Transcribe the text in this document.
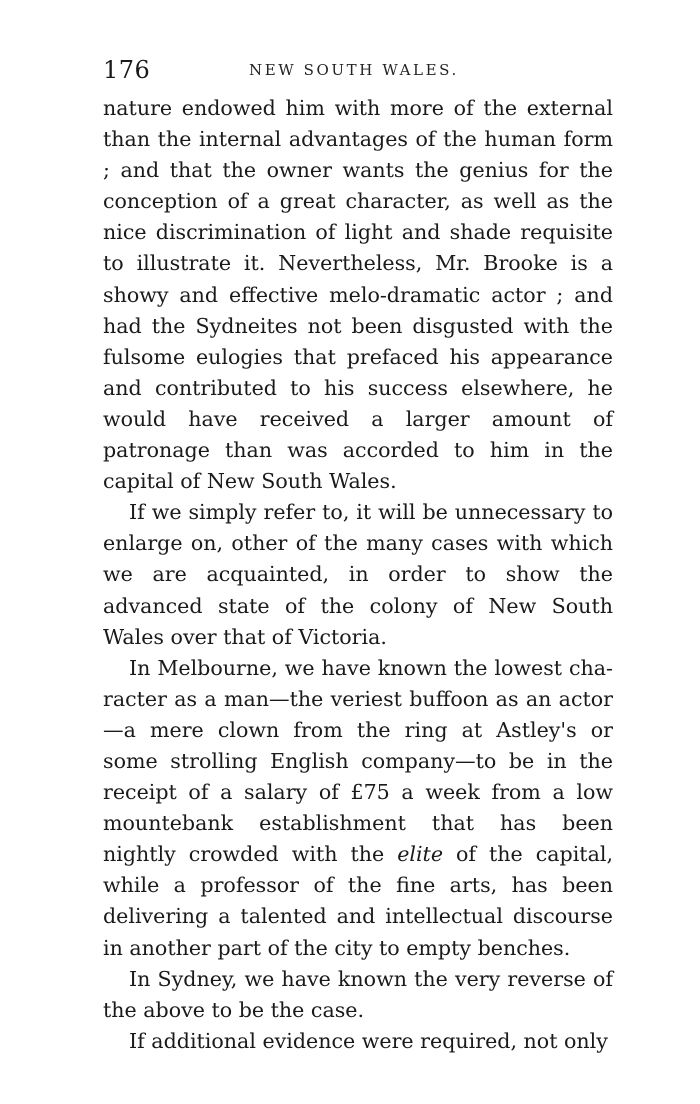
176	NEW SOUTH WALES.

nature endowed him with more of the external than the internal advantages of the human form ; and that the owner wants the genius for the conception of a great character, as well as the nice discrimination of light and shade requisite to illustrate it. Nevertheless, Mr. Brooke is a showy and effective melo-dramatic actor ; and had the Sydneites not been disgusted with the fulsome eulogies that prefaced his appearance and contributed to his success elsewhere, he would have received a larger amount of patronage than was accorded to him in the capital of New South Wales.

If we simply refer to, it will be unnecessary to enlarge on, other of the many cases with which we are acquainted, in order to show the advanced state of the colony of New South Wales over that of Victoria.

In Melbourne, we have known the lowest character as a man—the veriest buffoon as an actor—a mere clown from the ring at Astley's or some strolling English company—to be in the receipt of a salary of £75 a week from a low mountebank establishment that has been nightly crowded with the elite of the capital, while a professor of the fine arts, has been delivering a talented and intellectual discourse in another part of the city to empty benches.

In Sydney, we have known the very reverse of the above to be the case.

If additional evidence were required, not only
